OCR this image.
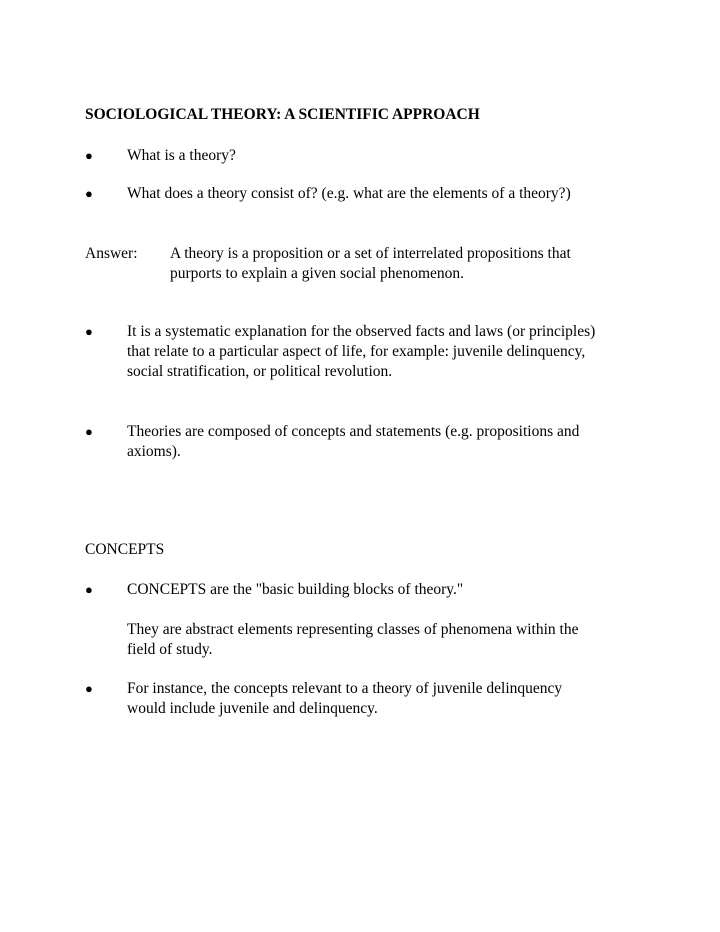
SOCIOLOGICAL THEORY: A SCIENTIFIC APPROACH
● What is a theory?
● What does a theory consist of? (e.g. what are the elements of a theory?)
Answer: A theory is a proposition or a set of interrelated propositions that
purports to explain a given social phenomenon.
● It is a systematic explanation for the observed facts and laws (or principles)
that relate to a particular aspect of life, for example: juvenile delinquency,
social stratification, or political revolution.
● Theories are composed of concepts and statements (e.g. propositions and
axioms).
CONCEPTS
● CONCEPTS are the "basic building blocks of theory."
They are abstract elements representing classes of phenomena within the
field of study.
● For instance, the concepts relevant to a theory of juvenile delinquency
would include juvenile and delinquency.
